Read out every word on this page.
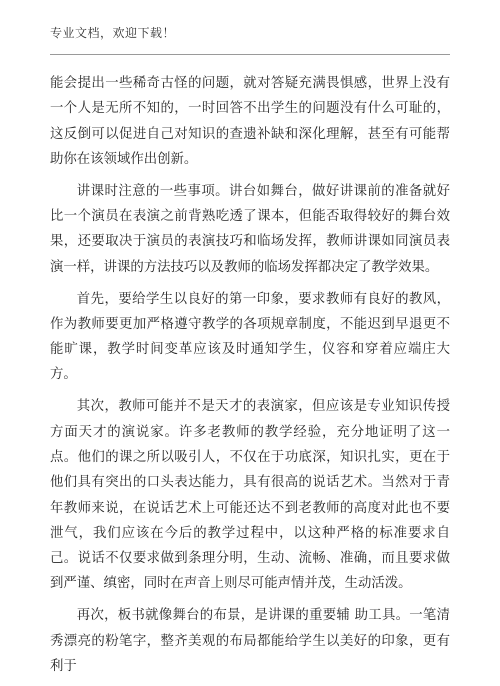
专业文档，欢迎下载！

能会提出一些稀奇古怪的问题，就对答疑充满畏惧感，世界上没有一个人是无所不知的，一时回答不出学生的问题没有什么可耻的，这反倒可以促进自己对知识的查遗补缺和深化理解，甚至有可能帮助你在该领域作出创新。

讲课时注意的一些事项。讲台如舞台，做好讲课前的准备就好比一个演员在表演之前背熟吃透了课本，但能否取得较好的舞台效果，还要取决于演员的表演技巧和临场发挥，教师讲课如同演员表演一样，讲课的方法技巧以及教师的临场发挥都决定了教学效果。

首先，要给学生以良好的第一印象，要求教师有良好的教风，作为教师要更加严格遵守教学的各项规章制度，不能迟到早退更不能旷课，教学时间变革应该及时通知学生，仪容和穿着应端庄大方。

其次，教师可能并不是天才的表演家，但应该是专业知识传授方面天才的演说家。许多老教师的教学经验，充分地证明了这一点。他们的课之所以吸引人，不仅在于功底深，知识扎实，更在于他们具有突出的口头表达能力，具有很高的说话艺术。当然对于青年教师来说，在说话艺术上可能还达不到老教师的高度对此也不要泄气，我们应该在今后的教学过程中，以这种严格的标准要求自己。说话不仅要求做到条理分明，生动、流畅、准确，而且要求做到严谨、缜密，同时在声音上则尽可能声情并茂，生动活泼。

再次，板书就像舞台的布景，是讲课的重要辅 助工具。一笔清秀漂亮的粉笔字，整齐美观的布局都能给学生以美好的印象，更有利于
